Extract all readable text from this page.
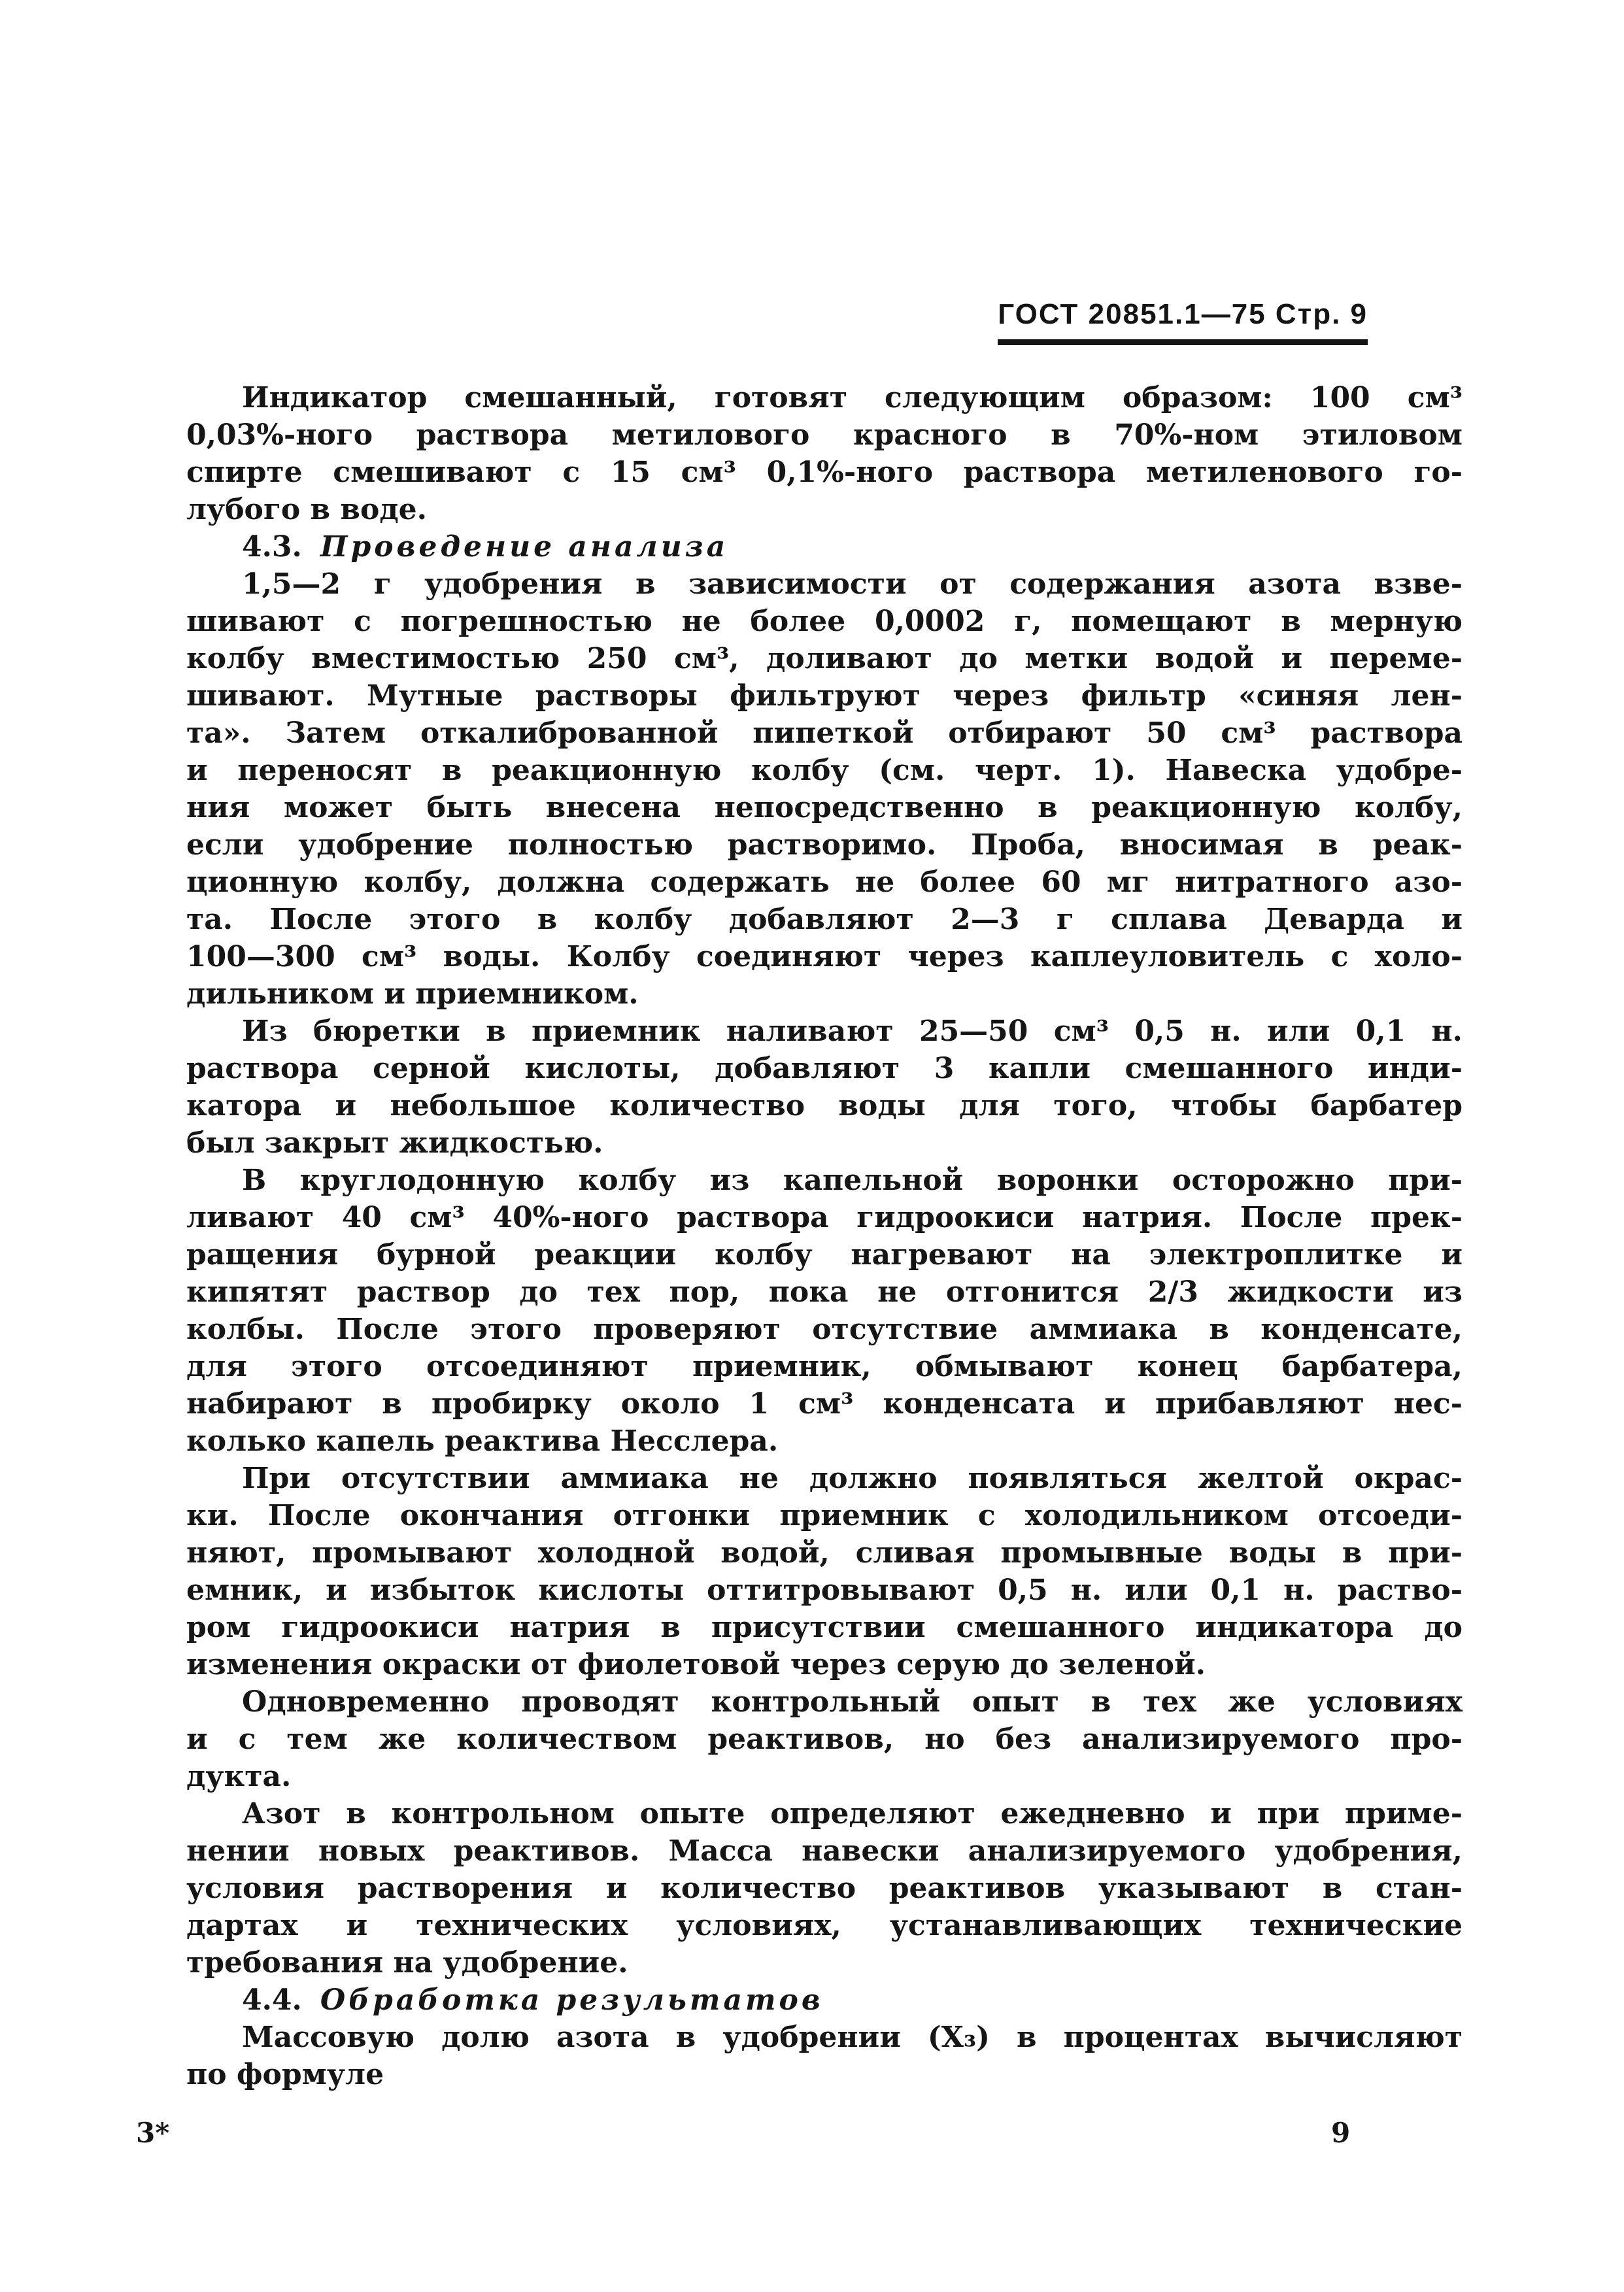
ГОСТ 20851.1—75 Стр. 9
Индикатор смешанный, готовят следующим образом: 100 см³
0,03%-ного раствора метилового красного в 70%-ном этиловом
спирте смешивают с 15 см³ 0,1%-ного раствора метиленового го-
лубого в воде.
4.3. Проведение анализа
1,5—2 г удобрения в зависимости от содержания азота взве-
шивают с погрешностью не более 0,0002 г, помещают в мерную
колбу вместимостью 250 см³, доливают до метки водой и переме-
шивают. Мутные растворы фильтруют через фильтр «синяя лен-
та». Затем откалиброванной пипеткой отбирают 50 см³ раствора
и переносят в реакционную колбу (см. черт. 1). Навеска удобре-
ния может быть внесена непосредственно в реакционную колбу,
если удобрение полностью растворимо. Проба, вносимая в реак-
ционную колбу, должна содержать не более 60 мг нитратного азо-
та. После этого в колбу добавляют 2—3 г сплава Деварда и
100—300 см³ воды. Колбу соединяют через каплеуловитель с холо-
дильником и приемником.
Из бюретки в приемник наливают 25—50 см³ 0,5 н. или 0,1 н.
раствора серной кислоты, добавляют 3 капли смешанного инди-
катора и небольшое количество воды для того, чтобы барбатер
был закрыт жидкостью.
В круглодонную колбу из капельной воронки осторожно при-
ливают 40 см³ 40%-ного раствора гидроокиси натрия. После прек-
ращения бурной реакции колбу нагревают на электроплитке и
кипятят раствор до тех пор, пока не отгонится 2/3 жидкости из
колбы. После этого проверяют отсутствие аммиака в конденсате,
для этого отсоединяют приемник, обмывают конец барбатера,
набирают в пробирку около 1 см³ конденсата и прибавляют нес-
колько капель реактива Несслера.
При отсутствии аммиака не должно появляться желтой окрас-
ки. После окончания отгонки приемник с холодильником отсоеди-
няют, промывают холодной водой, сливая промывные воды в при-
емник, и избыток кислоты оттитровывают 0,5 н. или 0,1 н. раство-
ром гидроокиси натрия в присутствии смешанного индикатора до
изменения окраски от фиолетовой через серую до зеленой.
Одновременно проводят контрольный опыт в тех же условиях
и с тем же количеством реактивов, но без анализируемого про-
дукта.
Азот в контрольном опыте определяют ежедневно и при приме-
нении новых реактивов. Масса навески анализируемого удобрения,
условия растворения и количество реактивов указывают в стан-
дартах и технических условиях, устанавливающих технические
требования на удобрение.
4.4. Обработка результатов
Массовую долю азота в удобрении (Х₃) в процентах вычисляют
по формуле
3*	9
